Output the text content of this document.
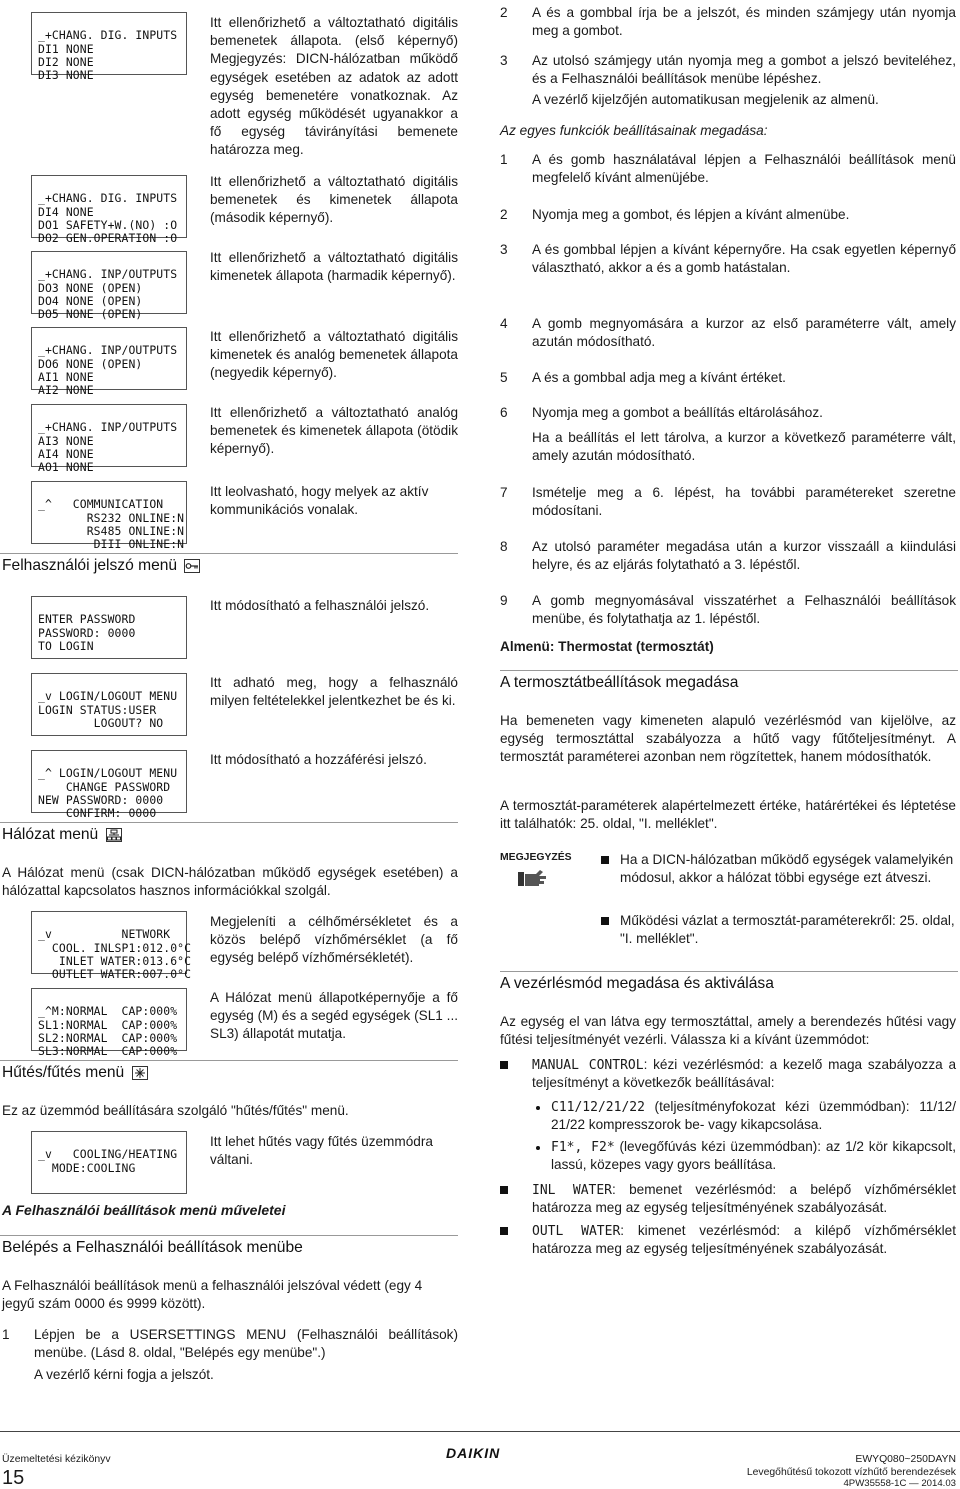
_+CHANG. DIG. INPUTS
DI1 NONE
DI2 NONE
DI3 NONE

Itt ellenőrizhető a változtatható digitális bemenetek állapota. (első képernyő) Megjegyzés: DICN-hálózatban működő egységek esetében az adatok az adott egység bemenetére vonatkoznak. Az adott egység működését ugyanakkor a fő egység távirányítási bemenete határozza meg.

_+CHANG. DIG. INPUTS
DI4 NONE
DO1 SAFETY+W.(NO) :O
DO2 GEN.OPERATION :O

Itt ellenőrizhető a változtatható digitális bemenetek és kimenetek állapota (második képernyő).

_+CHANG. INP/OUTPUTS
DO3 NONE (OPEN)
DO4 NONE (OPEN)
DO5 NONE (OPEN)

Itt ellenőrizhető a változtatható digitális kimenetek állapota (harmadik képernyő).

_+CHANG. INP/OUTPUTS
DO6 NONE (OPEN)
AI1 NONE
AI2 NONE

Itt ellenőrizhető a változtatható digitális kimenetek és analóg bemenetek állapota (negyedik képernyő).

_+CHANG. INP/OUTPUTS
AI3 NONE
AI4 NONE
AO1 NONE

Itt ellenőrizhető a változtatható analóg bemenetek és kimenetek állapota (ötödik képernyő).

_^   COMMUNICATION
RS232 ONLINE:N
RS485 ONLINE:N
DIII ONLINE:N

Itt leolvasható, hogy melyek az aktív kommunikációs vonalak.
Felhasználói jelszó menü

ENTER PASSWORD
PASSWORD: 0000
TO LOGIN

Itt módosítható a felhasználói jelszó.

_v LOGIN/LOGOUT MENU
LOGIN STATUS:USER
LOGOUT? NO

Itt adható meg, hogy a felhasználó milyen feltételekkel jelentkezhet be és ki.

_^ LOGIN/LOGOUT MENU
CHANGE PASSWORD
NEW PASSWORD: 0000
CONFIRM: 0000

Itt módosítható a hozzáférési jelszó.
Hálózat menü
A Hálózat menü (csak DICN-hálózatban működő egységek esetében) a hálózattal kapcsolatos hasznos információkkal szolgál.

_v          NETWORK
COOL. INLSP1:012.0°C
INLET WATER:013.6°C
OUTLET WATER:007.0°C

Megjeleníti a célhőmérsékletet és a közös belépő vízhőmérséklet (a fő egység belépő vízhőmérsékletét).

_^M:NORMAL  CAP:000%
SL1:NORMAL  CAP:000%
SL2:NORMAL  CAP:000%
SL3:NORMAL  CAP:000%

A Hálózat menü állapotképernyője a fő egység (M) és a segéd egységek (SL1 ... SL3) állapotát mutatja.
Hűtés/fűtés menü
Ez az üzemmód beállítására szolgáló "hűtés/fűtés" menü.

_v   COOLING/HEATING
MODE:COOLING

Itt lehet hűtés vagy fűtés üzemmódra váltani.
A Felhasználói beállítások menü műveletei
Belépés a Felhasználói beállítások menübe
A Felhasználói beállítások menü a felhasználói jelszóval védett (egy 4 jegyű szám 0000 és 9999 között).
1 Lépjen be a USERSETTINGS MENU (Felhasználói beállítások) menübe. (Lásd 8. oldal, "Belépés egy menübe".)
A vezérlő kérni fogja a jelszót.
2 A és a gombbal írja be a jelszót, és minden számjegy után nyomja meg a gombot.
3 Az utolsó számjegy után nyomja meg a gombot a jelszó beviteléhez, és a Felhasználói beállítások menübe lépéshez.
A vezérlő kijelzőjén automatikusan megjelenik az almenü.
Az egyes funkciók beállításainak megadása:
1 A és gomb használatával lépjen a Felhasználói beállítások menü megfelelő kívánt almenüjébe.
2 Nyomja meg a gombot, és lépjen a kívánt almenübe.
3 A és gombbal lépjen a kívánt képernyőre. Ha csak egyetlen képernyő választható, akkor a és a gomb hatástalan.
4 A gomb megnyomására a kurzor az első paraméterre vált, amely azután módosítható.
5 A és a gombbal adja meg a kívánt értéket.
6 Nyomja meg a gombot a beállítás eltárolásához.
Ha a beállítás el lett tárolva, a kurzor a következő paraméterre vált, amely azután módosítható.
7 Ismételje meg a 6. lépést, ha további paramétereket szeretne módosítani.
8 Az utolsó paraméter megadása után a kurzor visszaáll a kiindulási helyre, és az eljárás folytatható a 3. lépéstől.
9 A gomb megnyomásával visszatérhet a Felhasználói beállítások menübe, és folytathatja az 1. lépéstől.
Almenü: Thermostat (termosztát)
A termosztátbeállítások megadása
Ha bemeneten vagy kimeneten alapuló vezérlésmód van kijelölve, az egység termosztáttal szabályozza a hűtő vagy fűtőteljesítményt. A termosztát paraméterei azonban nem rögzítettek, hanem módosíthatók.
A termosztát-paraméterek alapértelmezett értéke, határértékei és léptetése itt találhatók: 25. oldal, "I. melléklet".
MEGJEGYZÉS	Ha a DICN-hálózatban működő egységek valamelyikén módosul, akkor a hálózat többi egysége ezt átveszi.
Működési vázlat a termosztát-paraméterekről: 25. oldal, "I. melléklet".
A vezérlésmód megadása és aktiválása
Az egység el van látva egy termosztáttal, amely a berendezés hűtési vagy fűtési teljesítményét vezérli. Válassza ki a kívánt üzemmódot:
MANUAL CONTROL: kézi vezérlésmód: a kezelő maga szabályozza a teljesítményt a következők beállításával:
C11/12/21/22 (teljesítményfokozat kézi üzemmódban): 11/12/ 21/22 kompresszorok be- vagy kikapcsolása.
F1*, F2* (levegőfúvás kézi üzemmódban): az 1/2 kör kikapcsolt, lassú, közepes vagy gyors beállítása.
INL WATER: bemenet vezérlésmód: a belépő vízhőmérséklet határozza meg az egység teljesítményének szabályozását.
OUTL WATER: kimenet vezérlésmód: a kilépő vízhőmérséklet határozza meg az egység teljesítményének szabályozását.
Üzemeltetési kézikönyv
15
DAIKIN	EWYQ080~250DAYN
Levegőhűtésű tokozott vízhűtő berendezések
4PW35558-1C — 2014.03
